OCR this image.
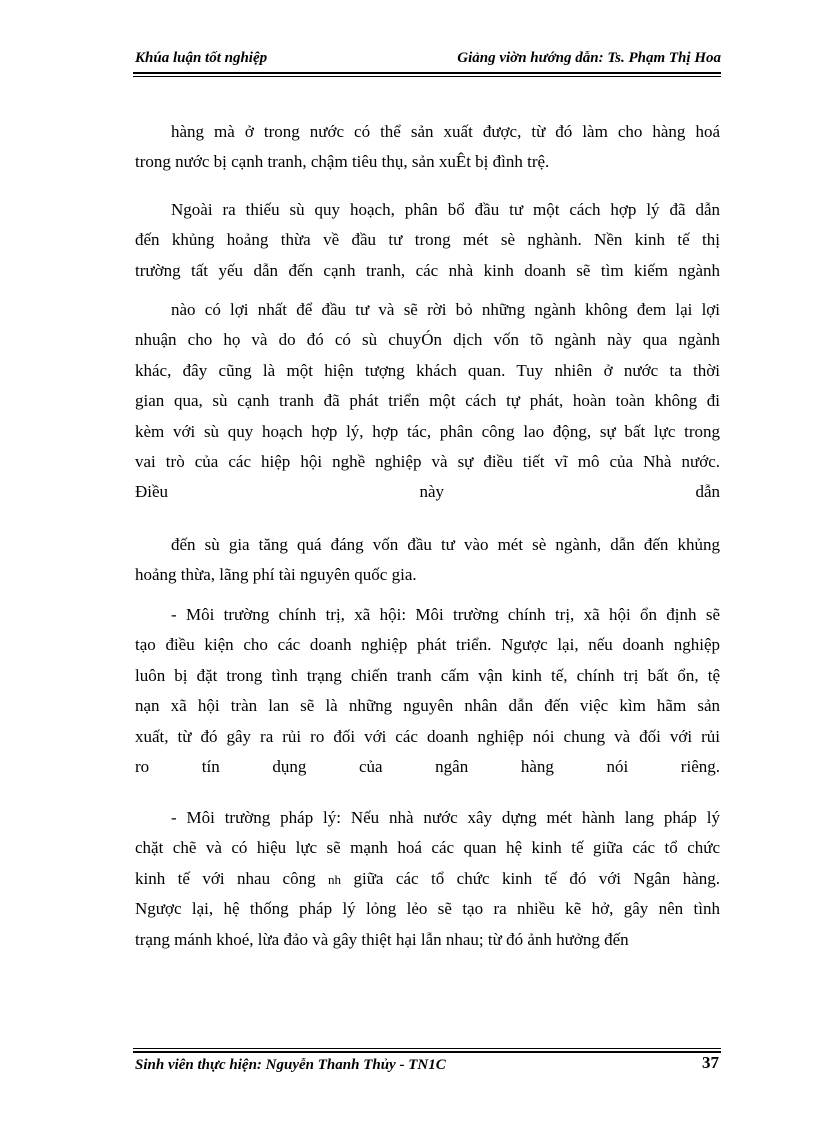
Khúa luận tốt nghiệp	Giảng viờn hướng dẫn: Ts. Phạm Thị Hoa
hàng mà ở trong nước có thể sản xuất được, từ đó làm cho hàng hoá
trong nước bị cạnh tranh, chậm tiêu thụ, sản xuÊt bị đình trệ.
Ngoài ra thiếu sù quy hoạch, phân bổ đầu tư một cách hợp lý đã dẫn
đến khủng hoảng thừa về đầu tư trong mét sè nghành. Nền kinh tế thị
trường tất yếu dẫn đến cạnh tranh, các nhà kinh doanh sẽ tìm kiếm ngành
nào có lợi nhất để đầu tư và sẽ rời bỏ những ngành không đem lại lợi
nhuận cho họ và do đó có sù chuyÓn dịch vốn tõ ngành này qua ngành
khác, đây cũng là một hiện tượng khách quan. Tuy nhiên ở nước ta thời
gian qua, sù cạnh tranh đã phát triển một cách tự phát, hoàn toàn không đi
kèm với sù quy hoạch hợp lý, hợp tác, phân công lao động, sự bất lực trong
vai trò của các hiệp hội nghề nghiệp và sự điều tiết vĩ mô của Nhà nước.
Điều này dẫn
đến sù gia tăng quá đáng vốn đầu tư vào mét sè ngành, dẫn đến khủng
hoảng thừa, lãng phí tài nguyên quốc gia.
- Môi trường chính trị, xã hội: Môi trường chính trị, xã hội ổn định sẽ
tạo điều kiện cho các doanh nghiệp phát triển. Ngược lại, nếu doanh nghiệp
luôn bị đặt trong tình trạng chiến tranh cấm vận kinh tế, chính trị bất ổn, tệ
nạn xã hội tràn lan sẽ là những nguyên nhân dẫn đến việc kìm hãm sản
xuất, từ đó gây ra rủi ro đối với các doanh nghiệp nói chung và đối với rủi
ro tín dụng của ngân hàng nói riêng.
- Môi trường pháp lý: Nếu nhà nước xây dựng mét hành lang pháp lý
chặt chẽ và có hiệu lực sẽ mạnh hoá các quan hệ kinh tế giữa các tổ chức
kinh tế với nhau công nh giữa các tổ chức kinh tế đó với Ngân hàng.
Ngược lại, hệ thống pháp lý lỏng lẻo sẽ tạo ra nhiều kẽ hở, gây nên tình
trạng mánh khoé, lừa đảo và gây thiệt hại lẫn nhau; từ đó ảnh hưởng đến
Sinh viên thực hiện: Nguyễn Thanh Thủy - TN1C	37
